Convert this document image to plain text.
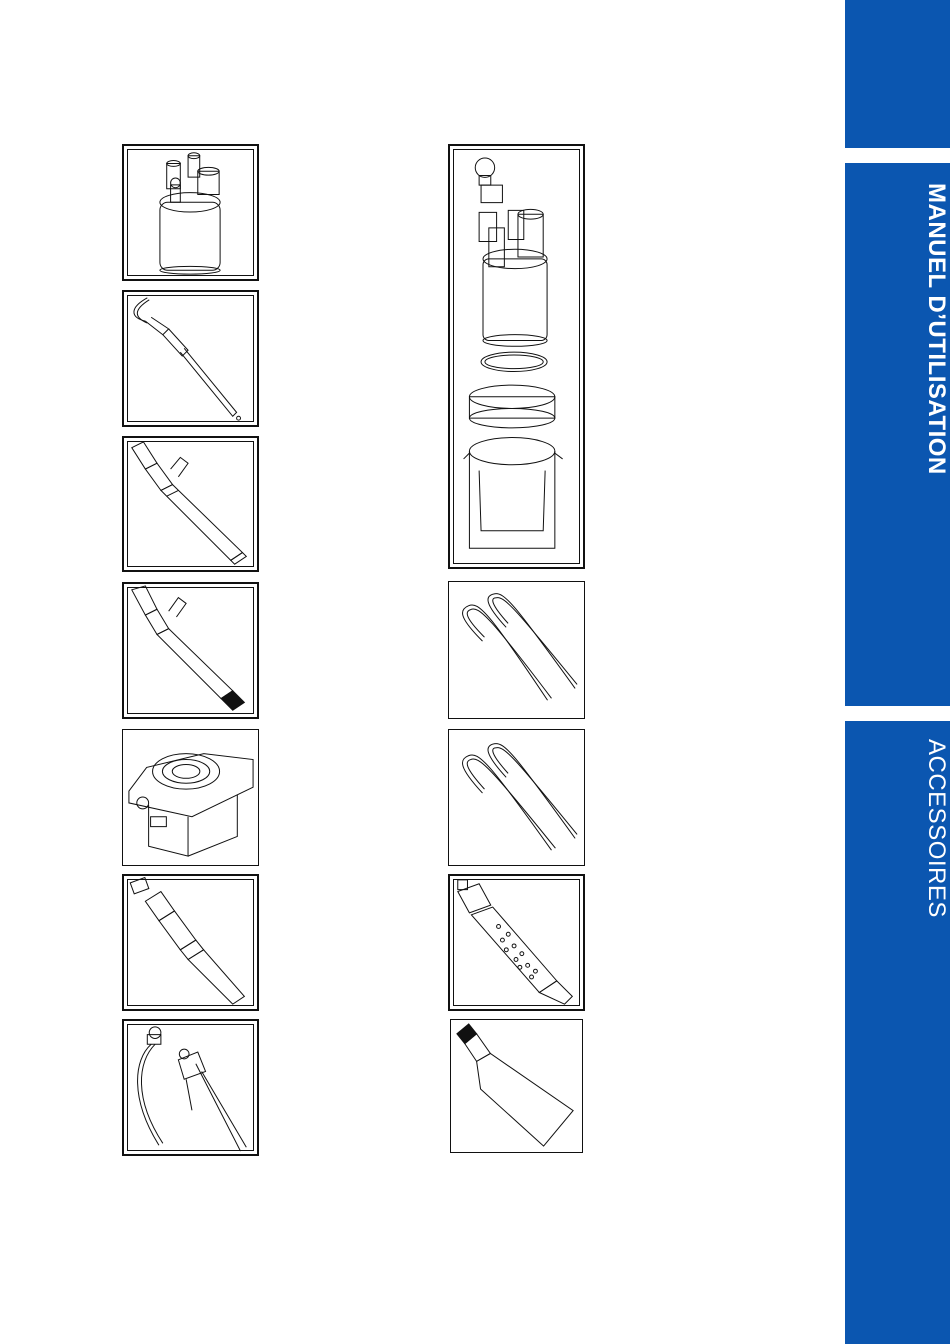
MANUEL D’UTILISATION
ACCESSOIRES
